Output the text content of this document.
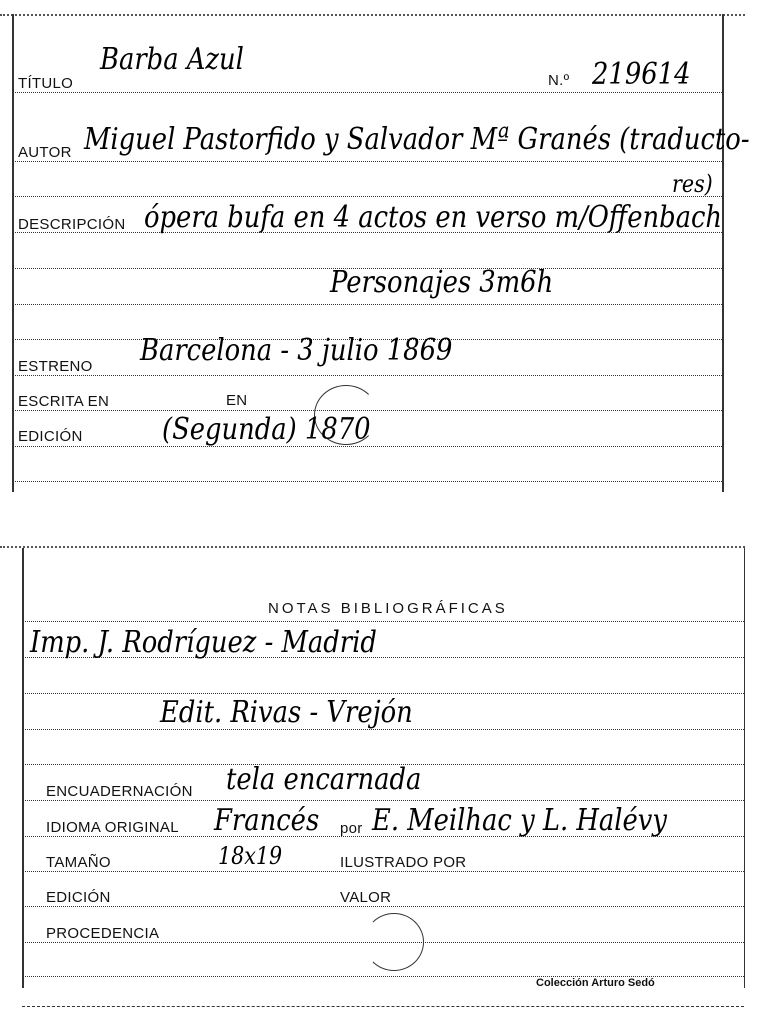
TÍTULO
Barba Azul
N.º 219614
AUTOR Miguel Pastorfido y Salvador Mª Granés (traducto-
res)
DESCRIPCIÓN ópera bufa en 4 actos en verso m/Offenbach
Personajes 3m6h
ESTRENO Barcelona - 3 julio 1869
ESCRITA EN	EN
EDICIÓN	(Segunda) 1870
NOTAS BIBLIOGRÁFICAS
Imp. J. Rodríguez - Madrid
Edit. Rivas - Vrejón
ENCUADERNACIÓN tela encarnada
IDIOMA ORIGINAL Francés por E. Meilhac y L. Halévy
TAMAÑO	18x19	ILUSTRADO POR
EDICIÓN	VALOR
PROCEDENCIA
Colección Arturo Sedó
